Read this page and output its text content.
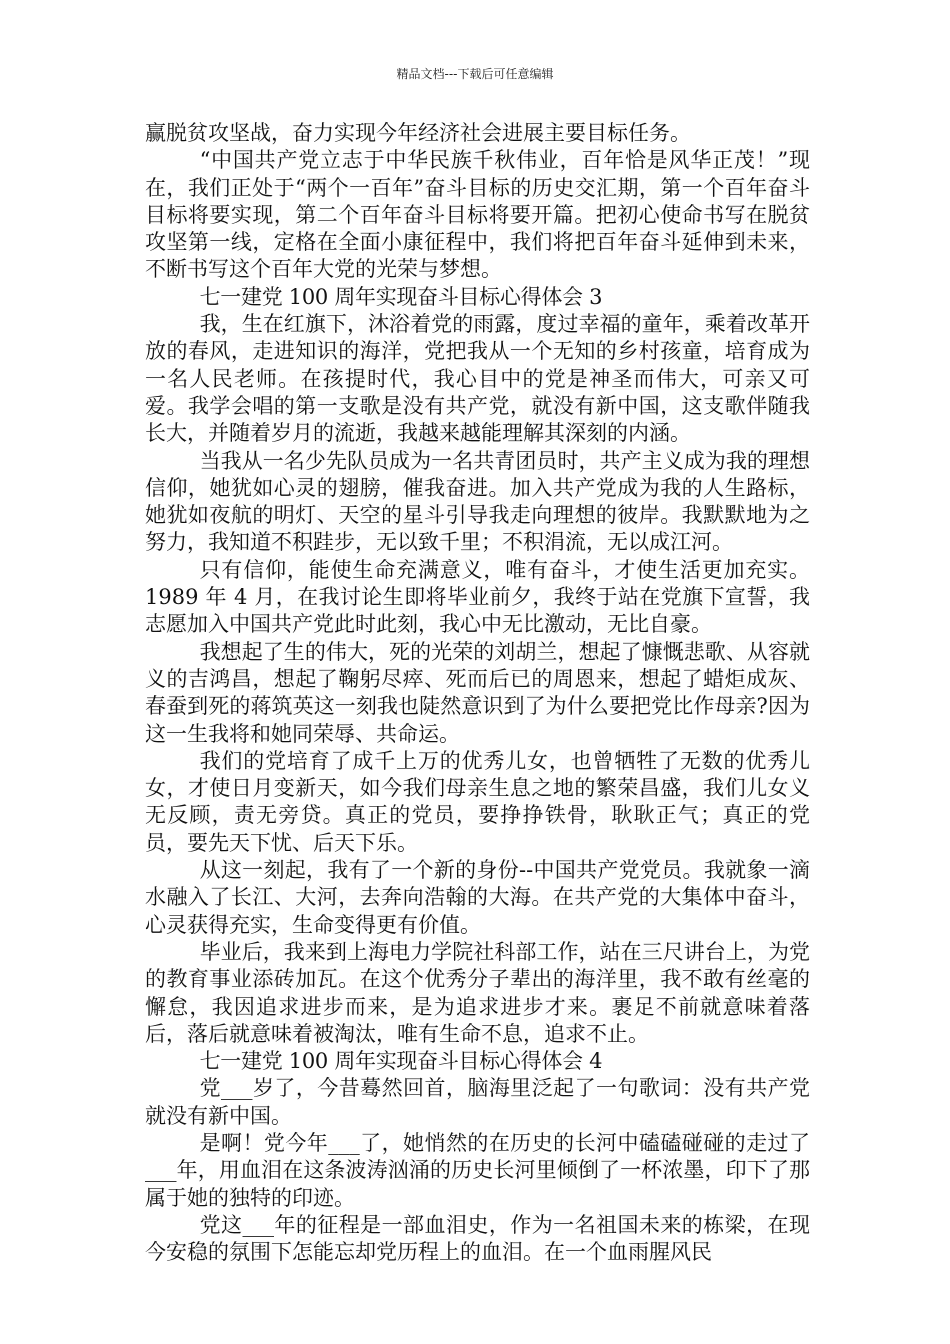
精品文档---下载后可任意编辑

赢脱贫攻坚战，奋力实现今年经济社会进展主要目标任务。

“中国共产党立志于中华民族千秋伟业，百年恰是风华正茂！”现在，我们正处于“两个一百年”奋斗目标的历史交汇期，第一个百年奋斗目标将要实现，第二个百年奋斗目标将要开篇。把初心使命书写在脱贫攻坚第一线，定格在全面小康征程中，我们将把百年奋斗延伸到未来，不断书写这个百年大党的光荣与梦想。

七一建党 100 周年实现奋斗目标心得体会 3

我，生在红旗下，沐浴着党的雨露，度过幸福的童年，乘着改革开放的春风，走进知识的海洋，党把我从一个无知的乡村孩童，培育成为一名人民老师。在孩提时代，我心目中的党是神圣而伟大，可亲又可爱。我学会唱的第一支歌是没有共产党，就没有新中国，这支歌伴随我长大，并随着岁月的流逝，我越来越能理解其深刻的内涵。

当我从一名少先队员成为一名共青团员时，共产主义成为我的理想信仰，她犹如心灵的翅膀，催我奋进。加入共产党成为我的人生路标，她犹如夜航的明灯、天空的星斗引导我走向理想的彼岸。我默默地为之努力，我知道不积跬步，无以致千里；不积涓流，无以成江河。

只有信仰，能使生命充满意义，唯有奋斗，才使生活更加充实。1989 年 4 月，在我讨论生即将毕业前夕，我终于站在党旗下宣誓，我志愿加入中国共产党此时此刻，我心中无比激动，无比自豪。

我想起了生的伟大，死的光荣的刘胡兰，想起了慷慨悲歌、从容就义的吉鸿昌，想起了鞠躬尽瘁、死而后已的周恩来，想起了蜡炬成灰、春蚕到死的蒋筑英这一刻我也陡然意识到了为什么要把党比作母亲?因为这一生我将和她同荣辱、共命运。

我们的党培育了成千上万的优秀儿女，也曾牺牲了无数的优秀儿女，才使日月变新天，如今我们母亲生息之地的繁荣昌盛，我们儿女义无反顾，责无旁贷。真正的党员，要挣挣铁骨，耿耿正气；真正的党员，要先天下忧、后天下乐。

从这一刻起，我有了一个新的身份--中国共产党党员。我就象一滴水融入了长江、大河，去奔向浩翰的大海。在共产党的大集体中奋斗，心灵获得充实，生命变得更有价值。

毕业后，我来到上海电力学院社科部工作，站在三尺讲台上，为党的教育事业添砖加瓦。在这个优秀分子辈出的海洋里，我不敢有丝毫的懈怠，我因追求进步而来，是为追求进步才来。裹足不前就意味着落后，落后就意味着被淘汰，唯有生命不息，追求不止。

七一建党 100 周年实现奋斗目标心得体会 4

党___岁了，今昔蓦然回首，脑海里泛起了一句歌词：没有共产党就没有新中国。

是啊！党今年___了，她悄然的在历史的长河中磕磕碰碰的走过了___年，用血泪在这条波涛汹涌的历史长河里倾倒了一杯浓墨，印下了那属于她的独特的印迹。

党这___年的征程是一部血泪史，作为一名祖国未来的栋梁，在现今安稳的氛围下怎能忘却党历程上的血泪。在一个血雨腥风民
